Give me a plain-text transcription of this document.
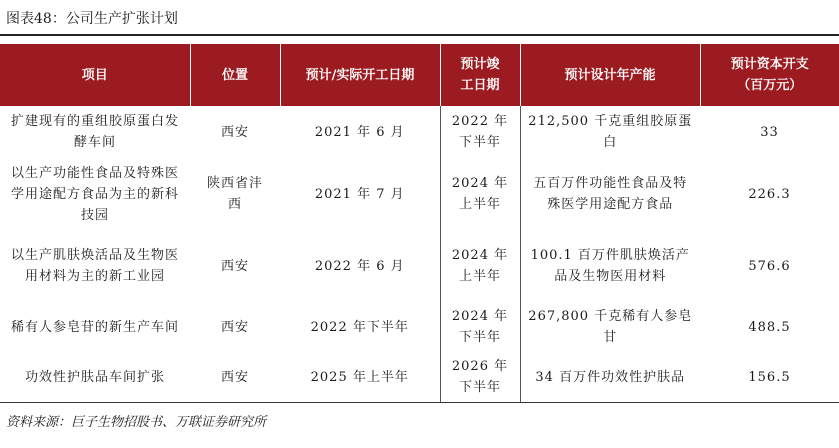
图表48：公司生产扩张计划
项目	位置	预计/实际开工日期	预计竣工日期	预计设计年产能	预计资本开支（百万元）
扩建现有的重组胶原蛋白发酵车间	西安	2021 年 6 月	2022 年下半年	212,500 千克重组胶原蛋白	33
以生产功能性食品及特殊医学用途配方食品为主的新科技园	陕西省沣西	2021 年 7 月	2024 年上半年	五百万件功能性食品及特殊医学用途配方食品	226.3
以生产肌肤焕活品及生物医用材料为主的新工业园	西安	2022 年 6 月	2024 年上半年	100.1 百万件肌肤焕活产品及生物医用材料	576.6
稀有人参皂苷的新生产车间	西安	2022 年下半年	2024 年下半年	267,800 千克稀有人参皂甘	488.5
功效性护肤品车间扩张	西安	2025 年上半年	2026 年下半年	34 百万件功效性护肤品	156.5
资料来源：巨子生物招股书、万联证券研究所
